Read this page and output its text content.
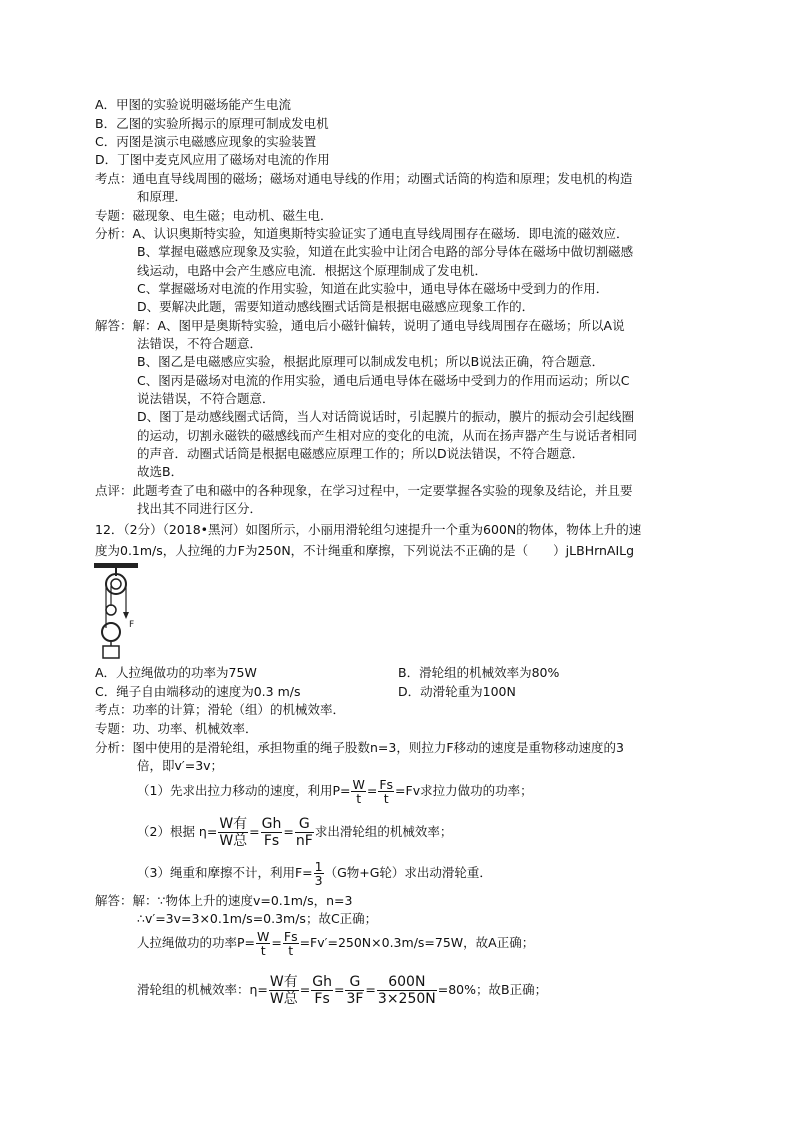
A．甲图的实验说明磁场能产生电流
B．乙图的实验所揭示的原理可制成发电机
C．丙图是演示电磁感应现象的实验装置
D．丁图中麦克风应用了磁场对电流的作用
考点：通电直导线周围的磁场；磁场对通电导线的作用；动圈式话筒的构造和原理；发电机的构造
和原理．
专题：磁现象、电生磁；电动机、磁生电．
分析：A、认识奥斯特实验，知道奥斯特实验证实了通电直导线周围存在磁场．即电流的磁效应．
B、掌握电磁感应现象及实验，知道在此实验中让闭合电路的部分导体在磁场中做切割磁感
线运动，电路中会产生感应电流．根据这个原理制成了发电机．
C、掌握磁场对电流的作用实验，知道在此实验中，通电导体在磁场中受到力的作用．
D、要解决此题，需要知道动感线圈式话筒是根据电磁感应现象工作的．
解答：解：A、图甲是奥斯特实验，通电后小磁针偏转，说明了通电导线周围存在磁场；所以A说
法错误，不符合题意．
B、图乙是电磁感应实验，根据此原理可以制成发电机；所以B说法正确，符合题意．
C、图丙是磁场对电流的作用实验，通电后通电导体在磁场中受到力的作用而运动；所以C
说法错误，不符合题意．
D、图丁是动感线圈式话筒，当人对话筒说话时，引起膜片的振动，膜片的振动会引起线圈
的运动，切割永磁铁的磁感线而产生相对应的变化的电流，从而在扬声器产生与说话者相同
的声音．动圈式话筒是根据电磁感应原理工作的；所以D说法错误，不符合题意．
故选B．
点评：此题考查了电和磁中的各种现象，在学习过程中，一定要掌握各实验的现象及结论，并且要
找出其不同进行区分．
12．（2分）（2018•黑河）如图所示，小丽用滑轮组匀速提升一个重为600N的物体，物体上升的速
度为0.1m/s，人拉绳的力F为250N，不计绳重和摩擦，下列说法不正确的是（　　）jLBHrnAILg
F
A．人拉绳做功的功率为75W	B．滑轮组的机械效率为80%
C．绳子自由端移动的速度为0.3 m/s	D．动滑轮重为100N
考点：功率的计算；滑轮（组）的机械效率．
专题：功、功率、机械效率．
分析：图中使用的是滑轮组，承担物重的绳子股数n=3，则拉力F移动的速度是重物移动速度的3
倍，即v′=3v；
（1）先求出拉力移动的速度，利用$P= \frac{W}{t} = \frac{Fs}{t} =Fv$求拉力做功的功率；
（2）根据 $\eta= \frac{\text{W有}}{\text{W总}} = \frac{Gh}{Fs} = \frac{G}{nF}$ 求出滑轮组的机械效率；
（3）绳重和摩擦不计，利用$F= \frac{1}{3} (G$物+G轮）求出动滑轮重．
解答：解：∵物体上升的速度v=0.1m/s，n=3
∴v′=3v=3×0.1m/s=0.3m/s；故C正确；
人拉绳做功的功率$P= \frac{W}{t} = \frac{Fs}{t} =Fv'=250N\times 0.3m/s=75W$，故A正确；
滑轮组的机械效率：$\eta= \frac{\text{W有}}{\text{W总}} = \frac{Gh}{Fs} = \frac{G}{3F} = \frac{600N}{3\times 250N} =80\%$；故B正确；
